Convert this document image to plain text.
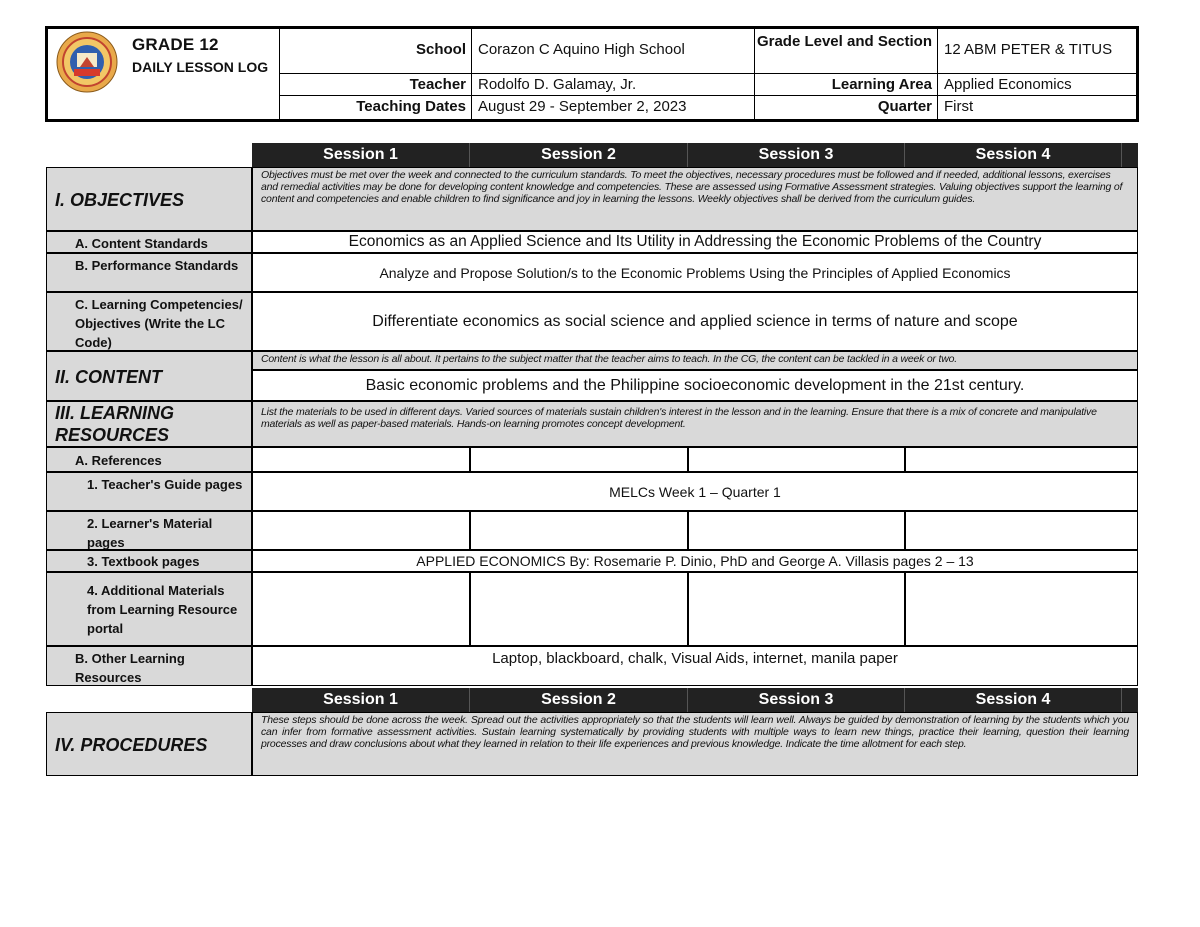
GRADE 12
DAILY LESSON LOG
School Corazon C Aquino High School	Grade Level and Section 12 ABM PETER & TITUS
Teacher Rodolfo D. Galamay, Jr.	Learning Area Applied Economics
Teaching Dates August 29 - September 2, 2023	Quarter First
Session 1	Session 2	Session 3	Session 4
I. OBJECTIVES
Objectives must be met over the week and connected to the curriculum standards. To meet the objectives, necessary procedures must be followed and if needed, additional lessons, exercises and remedial activities may be done for developing content knowledge and competencies. These are assessed using Formative Assessment strategies. Valuing objectives support the learning of content and competencies and enable children to find significance and joy in learning the lessons. Weekly objectives shall be derived from the curriculum guides.
A. Content Standards	Economics as an Applied Science and Its Utility in Addressing the Economic Problems of the Country
B. Performance Standards	Analyze and Propose Solution/s to the Economic Problems Using the Principles of Applied Economics
C. Learning Competencies/ Objectives (Write the LC Code)
Differentiate economics as social science and applied science in terms of nature and scope
II. CONTENT
Content is what the lesson is all about. It pertains to the subject matter that the teacher aims to teach. In the CG, the content can be tackled in a week or two.
Basic economic problems and the Philippine socioeconomic development in the 21st century.
III. LEARNING RESOURCES
List the materials to be used in different days. Varied sources of materials sustain children's interest in the lesson and in the learning. Ensure that there is a mix of concrete and manipulative materials as well as paper-based materials. Hands-on learning promotes concept development.
A. References
1. Teacher's Guide pages	MELCs Week 1 – Quarter 1
2. Learner's Material pages
3. Textbook pages	APPLIED ECONOMICS By: Rosemarie P. Dinio, PhD and George A. Villasis pages 2 – 13
4. Additional Materials from Learning Resource portal
B. Other Learning Resources
Laptop, blackboard, chalk, Visual Aids, internet, manila paper
Session 1	Session 2	Session 3	Session 4
IV. PROCEDURES
These steps should be done across the week. Spread out the activities appropriately so that the students will learn well. Always be guided by demonstration of learning by the students which you can infer from formative assessment activities. Sustain learning systematically by providing students with multiple ways to learn new things, practice their learning, question their learning processes and draw conclusions about what they learned in relation to their life experiences and previous knowledge. Indicate the time allotment for each step.
